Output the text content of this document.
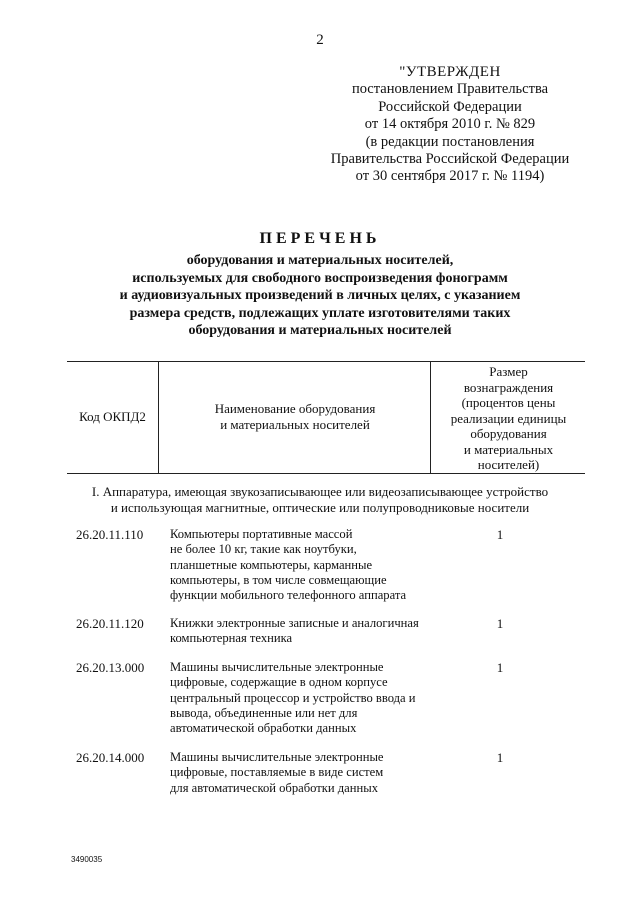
2
"УТВЕРЖДЕН
постановлением Правительства
Российской Федерации
от 14 октября 2010 г. № 829
(в редакции постановления
Правительства Российской Федерации
от 30 сентября 2017 г. № 1194)
ПЕРЕЧЕНЬ
оборудования и материальных носителей,
используемых для свободного воспроизведения фонограмм
и аудиовизуальных произведений в личных целях, с указанием
размера средств, подлежащих уплате изготовителями таких
оборудования и материальных носителей
Код ОКПД2
Наименование оборудования
и материальных носителей
Размер
вознаграждения
(процентов цены
реализации единицы
оборудования
и материальных
носителей)
I. Аппаратура, имеющая звукозаписывающее или видеозаписывающее устройство
и использующая магнитные, оптические или полупроводниковые носители
26.20.11.110 Компьютеры портативные массой
не более 10 кг, такие как ноутбуки,
планшетные компьютеры, карманные
компьютеры, в том числе совмещающие
функции мобильного телефонного аппарата
1
26.20.11.120 Книжки электронные записные и аналогичная
компьютерная техника
1
26.20.13.000 Машины вычислительные электронные
цифровые, содержащие в одном корпусе
центральный процессор и устройство ввода и
вывода, объединенные или нет для
автоматической обработки данных
1
26.20.14.000 Машины вычислительные электронные
цифровые, поставляемые в виде систем
для автоматической обработки данных
1
3490035
